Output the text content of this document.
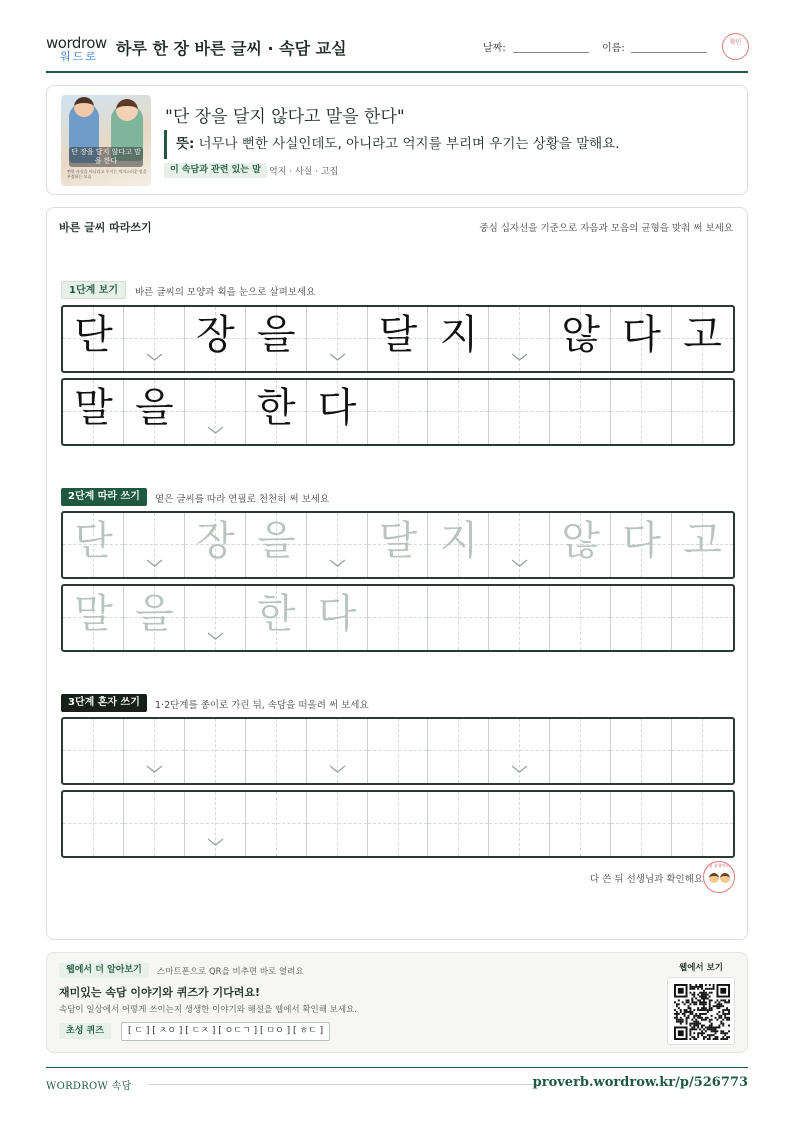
wordrow
워드로 하루 한 장 바른 글씨 · 속담 교실	날짜:	이름:
확인
단 장을 달지 않다고 말을 한다
뻔한 사실을 아니라고 우기는 억지스러운 말을 부정하는 모습
"단 장을 달지 않다고 말을 한다"
뜻: 너무나 뻔한 사실인데도, 아니라고 억지를 부리며 우기는 상황을 말해요.
이 속담과 관련 있는 말 억지 · 사실 · 고집
바른 글씨 따라쓰기	중심 십자선을 기준으로 자음과 모음의 균형을 맞춰 써 보세요
1단계 보기	바른 글씨의 모양과 획을 눈으로 살펴보세요
단 장 을 달 지 않 다 고
말 을 한 다
2단계 따라 쓰기	옅은 글씨를 따라 연필로 천천히 써 보세요
단 장 을 달 지 않 다 고
말 을 한 다
3단계 혼자 쓰기	1·2단계를 종이로 가린 뒤, 속담을 떠올려 써 보세요
다 쓴 뒤 선생님과 확인해요
참 잘했어요
웹에서 더 알아보기	스마트폰으로 QR을 비추면 바로 열려요
재미있는 속담 이야기와 퀴즈가 기다려요!
속담이 일상에서 어떻게 쓰이는지 생생한 이야기와 해설을 웹에서 확인해 보세요.
초성 퀴즈	[ ㄷ ] [ ㅈㅇ ] [ ㄷㅈ ] [ ㅇㄷㄱ ] [ ㅁㅇ ] [ ㅎㄷ ]
웹에서 보기
WORDROW 속담	proverb.wordrow.kr/p/526773
